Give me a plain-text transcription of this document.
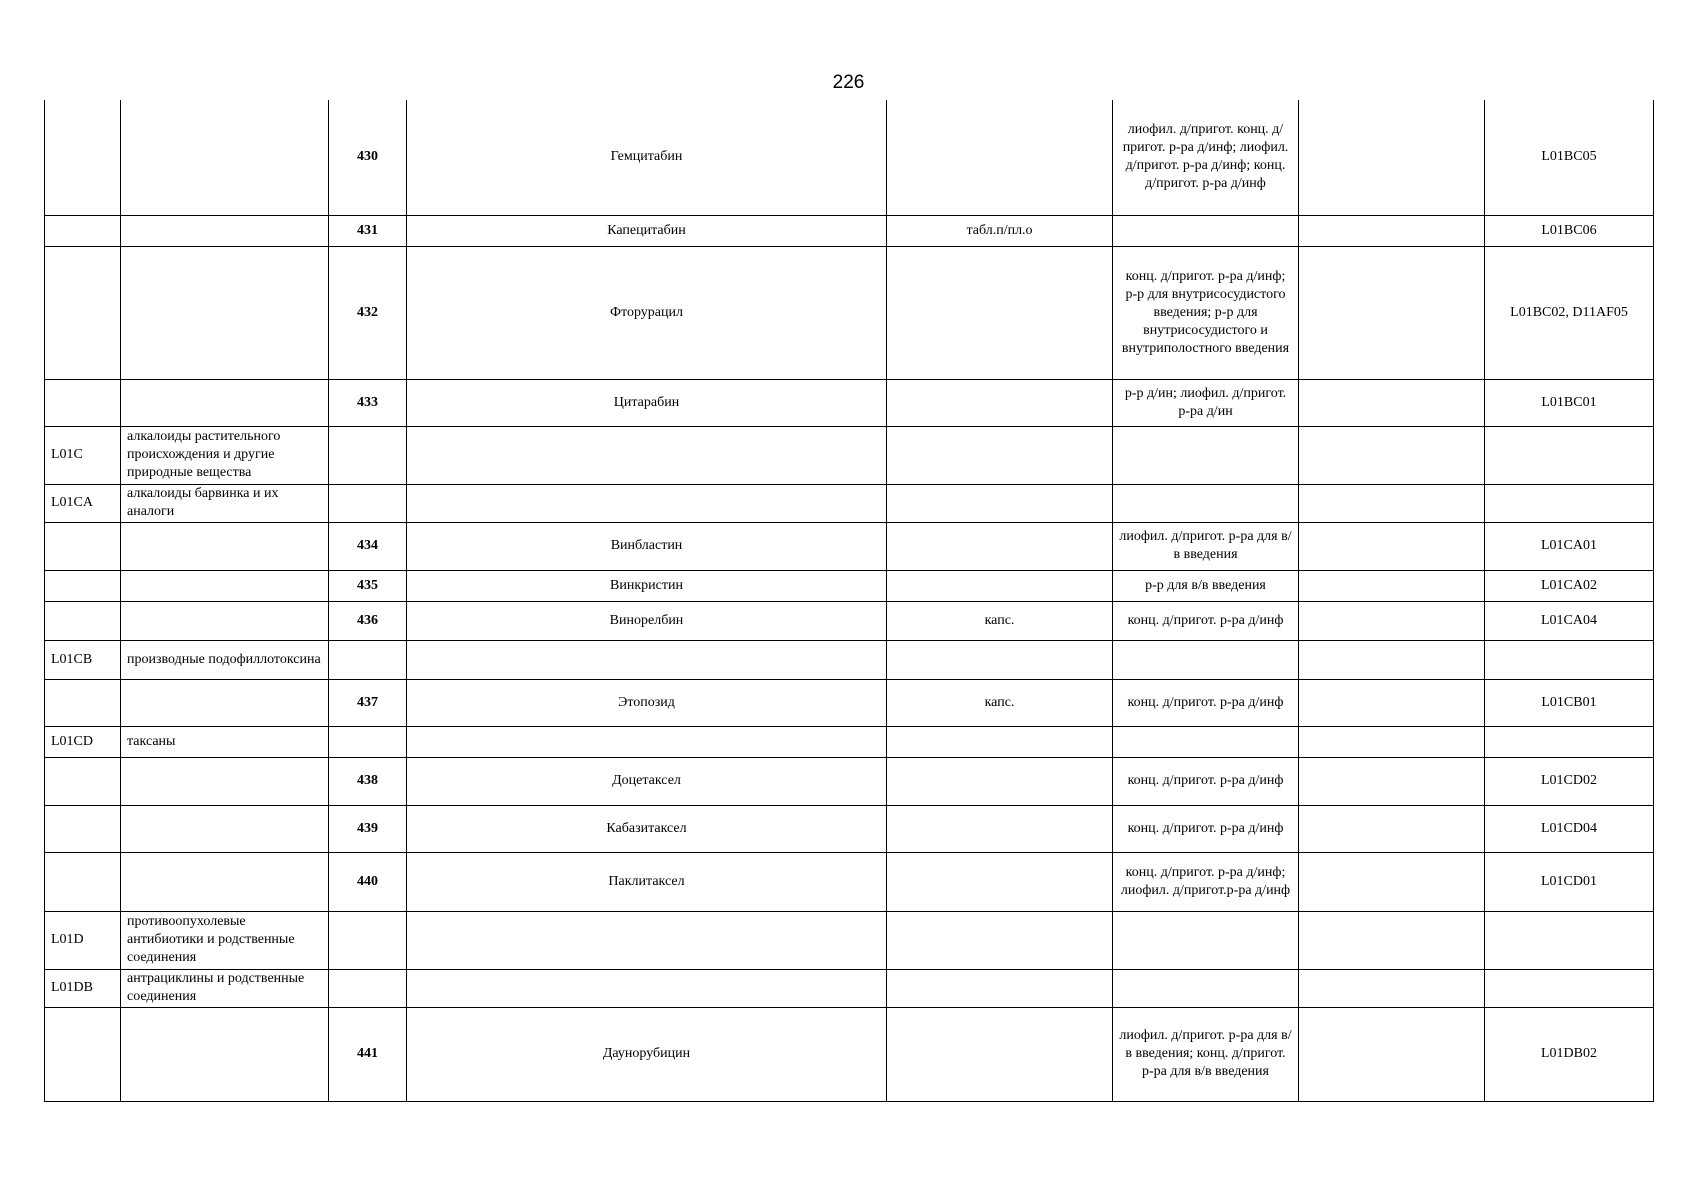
226
		430	Гемцитабин		лиофил. д/пригот. конц. д/пригот. р-ра д/инф; лиофил. д/пригот. р-ра д/инф; конц. д/пригот. р-ра д/инф		L01BC05
		431	Капецитабин	табл.п/пл.о			L01BC06
		432	Фторурацил		конц. д/пригот. р-ра д/инф; р-р для внутрисосудистого введения; р-р для внутрисосудистого и внутриполостного введения		L01BC02, D11AF05
		433	Цитарабин		р-р д/ин; лиофил. д/пригот. р-ра д/ин		L01BC01
L01C	алкалоиды растительного происхождения и другие природные вещества						
L01CA	алкалоиды барвинка и их аналоги						
		434	Винбластин		лиофил. д/пригот. р-ра для в/в введения		L01CA01
		435	Винкристин		р-р для в/в введения		L01CA02
		436	Винорелбин	капс.	конц. д/пригот. р-ра д/инф		L01CA04
L01CB	производные подофиллотоксина						
		437	Этопозид	капс.	конц. д/пригот. р-ра д/инф		L01CB01
L01CD	таксаны						
		438	Доцетаксел		конц. д/пригот. р-ра д/инф		L01CD02
		439	Кабазитаксел		конц. д/пригот. р-ра д/инф		L01CD04
		440	Паклитаксел		конц. д/пригот. р-ра д/инф; лиофил. д/пригот.р-ра д/инф		L01CD01
L01D	противоопухолевые антибиотики и родственные соединения						
L01DB	антрациклины и родственные соединения						
		441	Даунорубицин		лиофил. д/пригот. р-ра для в/в введения; конц. д/пригот. р-ра для в/в введения		L01DB02
